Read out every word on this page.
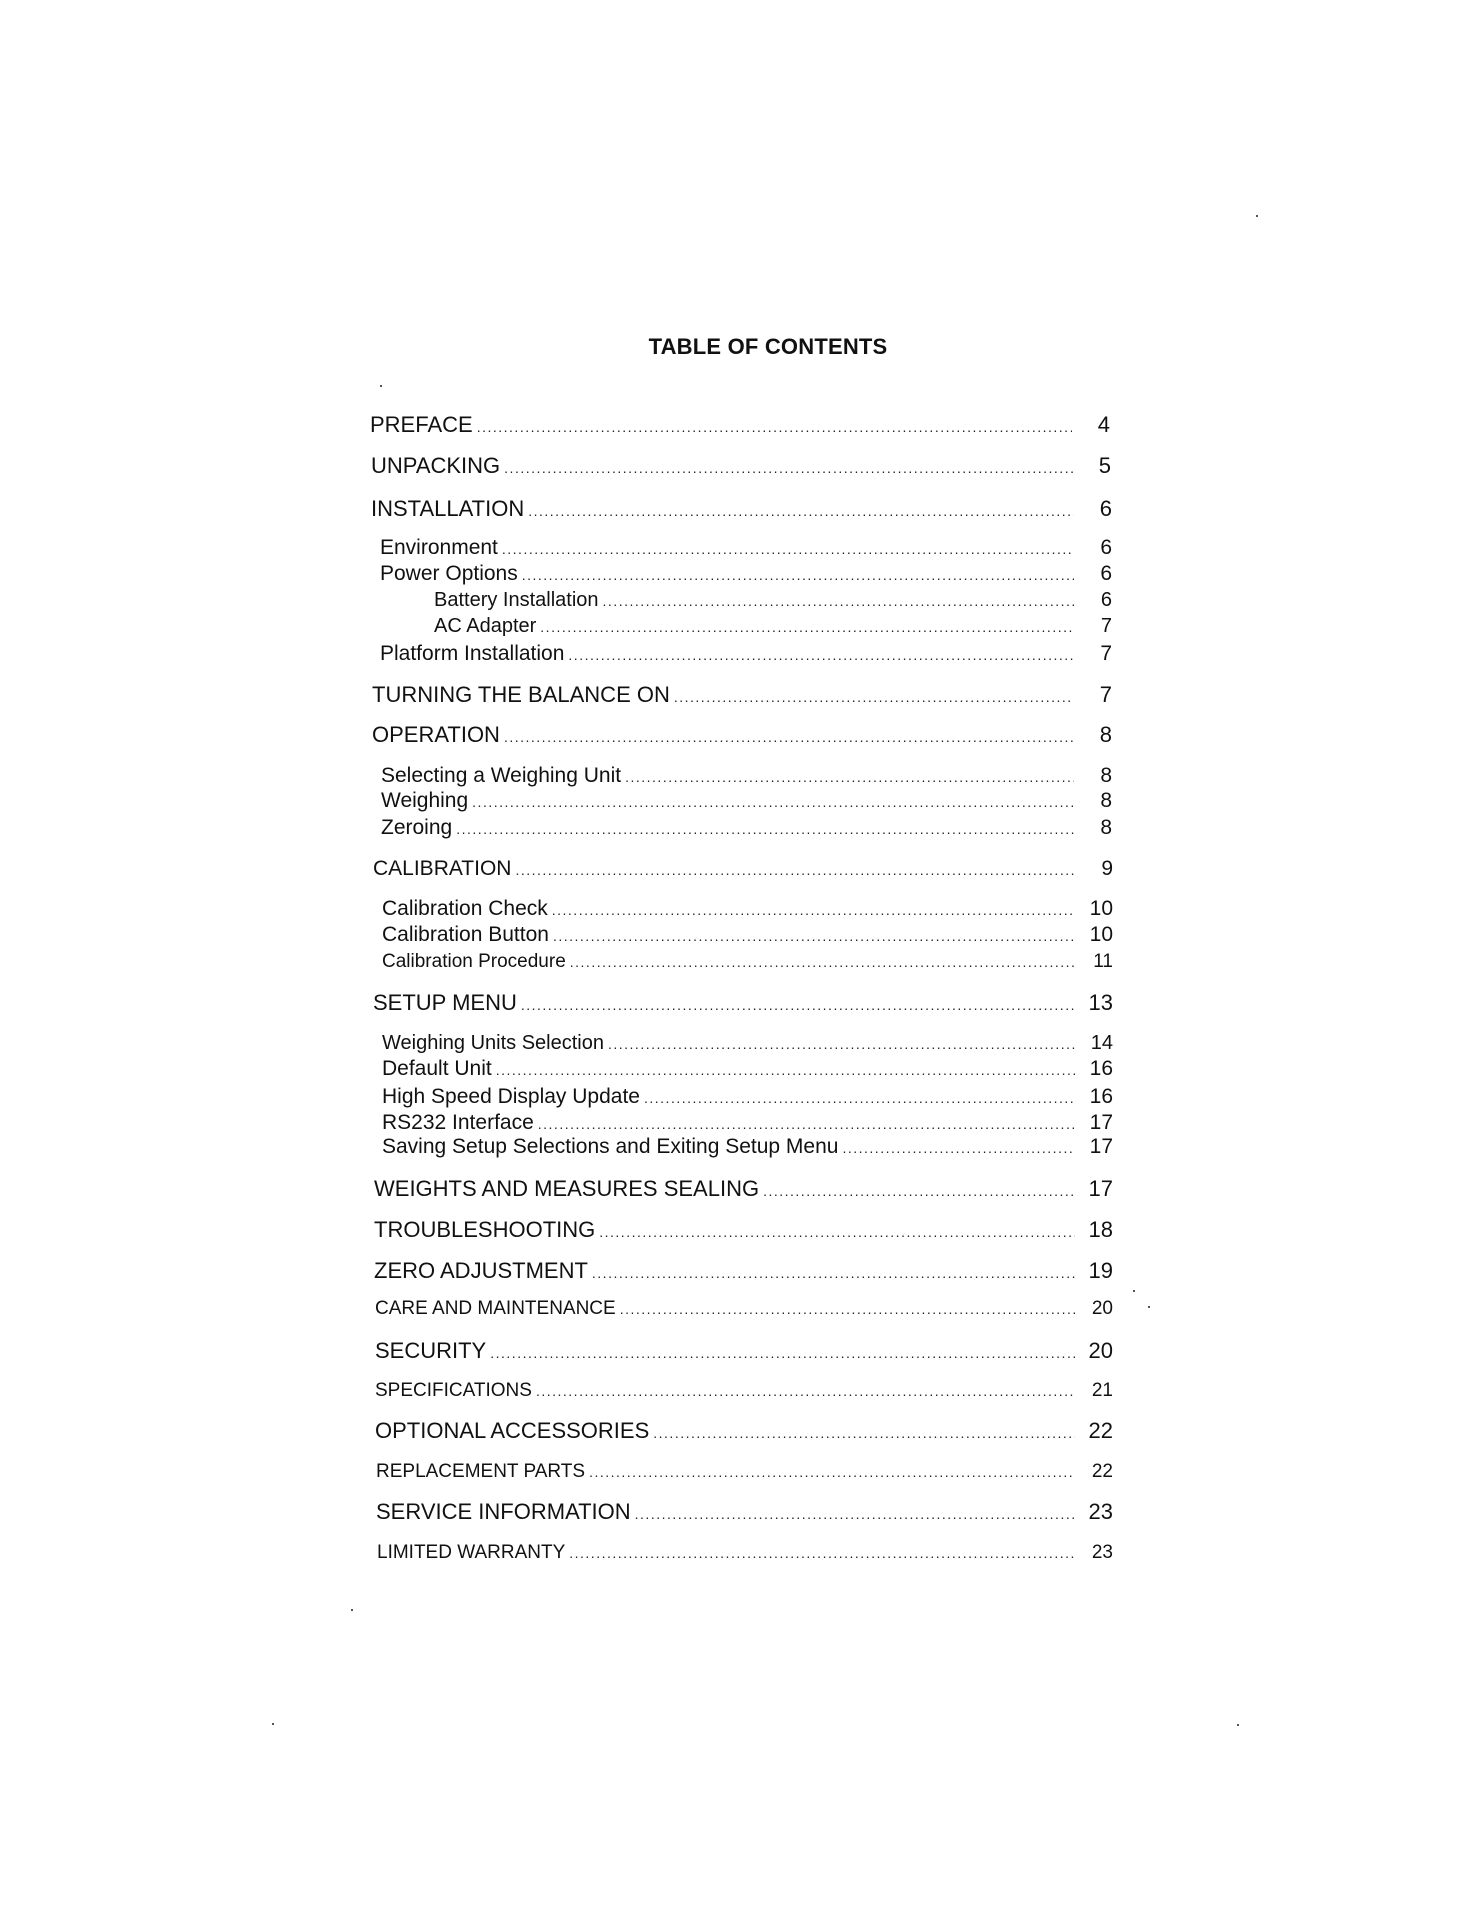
TABLE OF CONTENTS
PREFACE .....	4
UNPACKING .....	5
INSTALLATION .....	6
Environment .....	6
Power Options .....	6
Battery Installation .....	6
AC Adapter .....	7
Platform Installation .....	7
TURNING THE BALANCE ON .....	7
OPERATION .....	8
Selecting a Weighing Unit .....	8
Weighing .....	8
Zeroing .....	8
CALIBRATION .....	9
Calibration Check .....	10
Calibration Button .....	10
Calibration Procedure .....	11
SETUP MENU .....	13
Weighing Units Selection .....	14
Default Unit .....	16
High Speed Display Update .....	16
RS232 Interface .....	17
Saving Setup Selections and Exiting Setup Menu .....	17
WEIGHTS AND MEASURES SEALING .....	17
TROUBLESHOOTING .....	18
ZERO ADJUSTMENT .....	19
CARE AND MAINTENANCE .....	20
SECURITY .....	20
SPECIFICATIONS .....	21
OPTIONAL ACCESSORIES .....	22
REPLACEMENT PARTS .....	22
SERVICE INFORMATION .....	23
LIMITED WARRANTY .....	23
